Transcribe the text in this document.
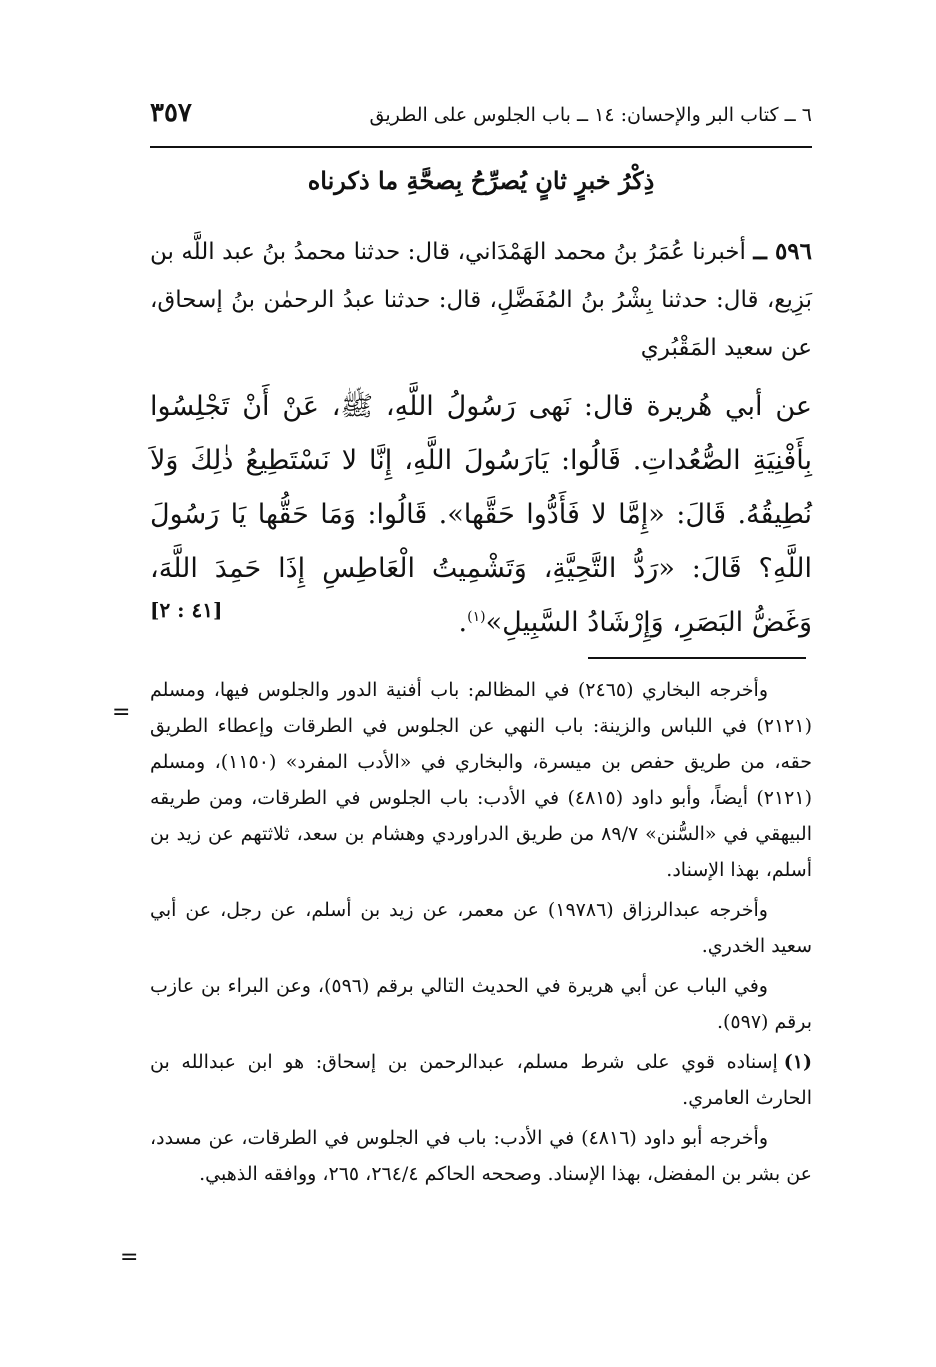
٦ ــ كتاب البر والإحسان: ١٤ ــ باب الجلوس على الطريق
٣٥٧
ذِكْرُ خبرٍ ثانٍ يُصرِّحُ بِصحَّةِ ما ذكرناه
٥٩٦ ــ أخبرنا عُمَرُ بنُ محمد الهَمْدَاني، قال: حدثنا محمدُ بنُ عبد اللَّه بن بَزِيع، قال: حدثنا بِشْرُ بنُ المُفَضَّلِ، قال: حدثنا عبدُ الرحمٰن بنُ إسحاق، عن سعيد المَقْبُري
عن أبي هُريرة قال: نَهى رَسُولُ اللَّهِ، ﷺ، عَنْ أَنْ تَجْلِسُوا بِأَفْنِيَةِ الصُّعُداتِ. قَالُوا: يَارَسُولَ اللَّهِ، إِنَّا لا نَسْتَطِيعُ ذٰلِكَ وَلاَ نُطِيقُهُ. قَالَ: «إِمَّا لا فَأَدُّوا حَقَّها». قَالُوا: وَمَا حَقُّها يَا رَسُولَ اللَّهِ؟ قَالَ: «رَدُّ التَّحِيَّةِ، وَتَشْمِيتُ الْعَاطِسِ إِذَا حَمِدَ اللَّهَ، وَغَضُّ البَصَرِ، وَإِرْشَادُ السَّبِيلِ»$^{(١)}$.
[٤١ : ٢]
=

وأخرجه البخاري (٢٤٦٥) في المظالم: باب أفنية الدور والجلوس فيها، ومسلم (٢١٢١) في اللباس والزينة: باب النهي عن الجلوس في الطرقات وإعطاء الطريق حقه، من طريق حفص بن ميسرة، والبخاري في «الأدب المفرد» (١١٥٠)، ومسلم (٢١٢١) أيضاً، وأبو داود (٤٨١٥) في الأدب: باب الجلوس في الطرقات، ومن طريقه البيهقي في «السُّنن» ٨٩/٧ من طريق الدراوردي وهشام بن سعد، ثلاثتهم عن زيد بن أسلم، بهذا الإسناد.

وأخرجه عبدالرزاق (١٩٧٨٦) عن معمر، عن زيد بن أسلم، عن رجل، عن أبي سعيد الخدري.

وفي الباب عن أبي هريرة في الحديث التالي برقم (٥٩٦)، وعن البراء بن عازب برقم (٥٩٧).

(١)إسناده قوي على شرط مسلم، عبدالرحمن بن إسحاق: هو ابن عبدالله بن الحارث العامري.

وأخرجه أبو داود (٤٨١٦) في الأدب: باب في الجلوس في الطرقات، عن مسدد، عن بشر بن المفضل، بهذا الإسناد. وصححه الحاكم ٢٦٤/٤، ٢٦٥، ووافقه الذهبي.

=
